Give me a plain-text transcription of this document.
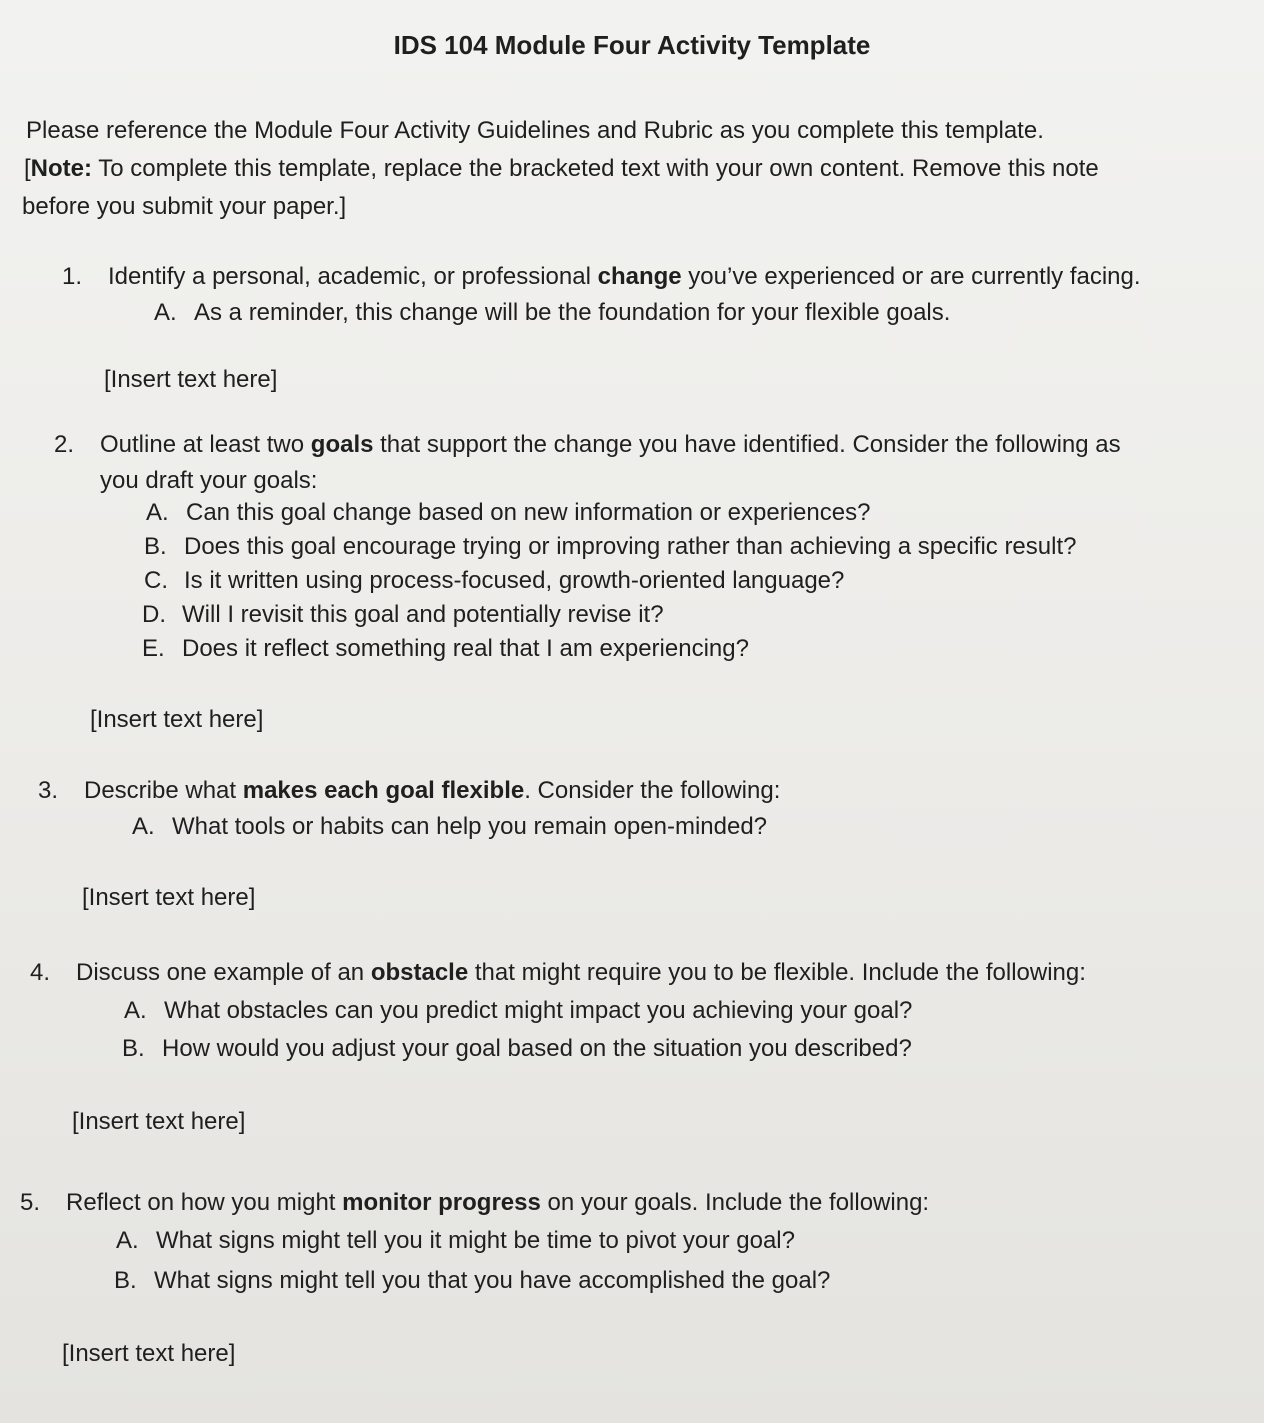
IDS 104 Module Four Activity Template
Please reference the Module Four Activity Guidelines and Rubric as you complete this template.
[Note: To complete this template, replace the bracketed text with your own content. Remove this note
before you submit your paper.]
1. Identify a personal, academic, or professional change you’ve experienced or are currently facing.
A. As a reminder, this change will be the foundation for your flexible goals.
[Insert text here]
2. Outline at least two goals that support the change you have identified. Consider the following as
you draft your goals:
A. Can this goal change based on new information or experiences?
B. Does this goal encourage trying or improving rather than achieving a specific result?
C. Is it written using process-focused, growth-oriented language?
D. Will I revisit this goal and potentially revise it?
E. Does it reflect something real that I am experiencing?
[Insert text here]
3. Describe what makes each goal flexible. Consider the following:
A. What tools or habits can help you remain open-minded?
[Insert text here]
4. Discuss one example of an obstacle that might require you to be flexible. Include the following:
A. What obstacles can you predict might impact you achieving your goal?
B. How would you adjust your goal based on the situation you described?
[Insert text here]
5. Reflect on how you might monitor progress on your goals. Include the following:
A. What signs might tell you it might be time to pivot your goal?
B. What signs might tell you that you have accomplished the goal?
[Insert text here]
